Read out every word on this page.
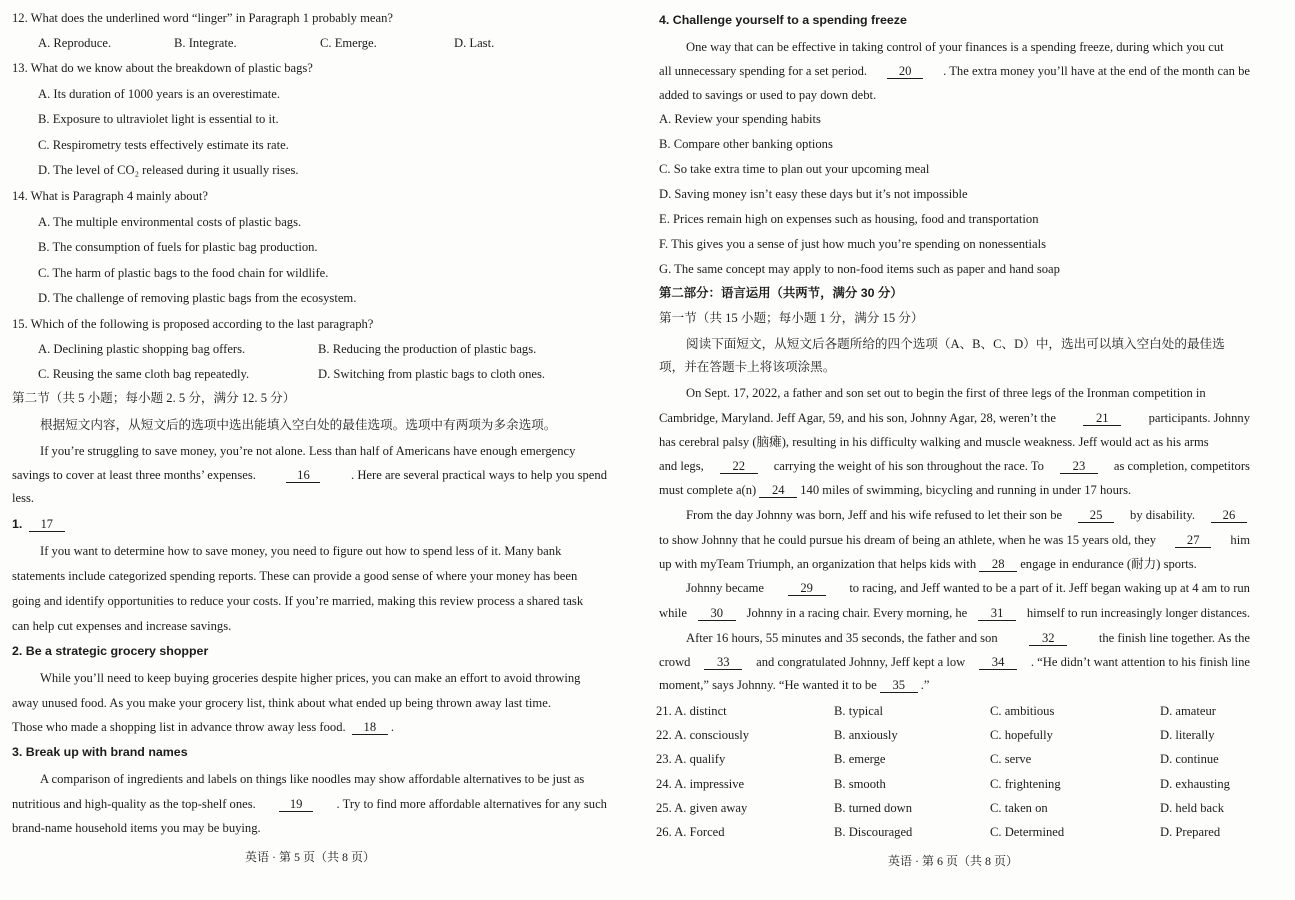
12. What does the underlined word “linger” in Paragraph 1 probably mean?
A. Reproduce.	B. Integrate.	C. Emerge.	D. Last.
13. What do we know about the breakdown of plastic bags?
A. Its duration of 1000 years is an overestimate.
B. Exposure to ultraviolet light is essential to it.
C. Respirometry tests effectively estimate its rate.
D. The level of CO₂ released during it usually rises.
14. What is Paragraph 4 mainly about?
A. The multiple environmental costs of plastic bags.
B. The consumption of fuels for plastic bag production.
C. The harm of plastic bags to the food chain for wildlife.
D. The challenge of removing plastic bags from the ecosystem.
15. Which of the following is proposed according to the last paragraph?
A. Declining plastic shopping bag offers.	B. Reducing the production of plastic bags.
C. Reusing the same cloth bag repeatedly.	D. Switching from plastic bags to cloth ones.
第二节（共 5 小题；每小题 2. 5 分，满分 12. 5 分）
根据短文内容，从短文后的选项中选出能填入空白处的最佳选项。选项中有两项为多余选项。
If you’re struggling to save money, you’re not alone. Less than half of Americans have enough emergency
savings to cover at least three months’ expenses.	16	. Here are several practical ways to help you spend
less.
1. 17
If you want to determine how to save money, you need to figure out how to spend less of it. Many bank
statements include categorized spending reports. These can provide a good sense of where your money has been
going and identify opportunities to reduce your costs. If you’re married, making this review process a shared task
can help cut expenses and increase savings.
2. Be a strategic grocery shopper
While you’ll need to keep buying groceries despite higher prices, you can make an effort to avoid throwing
away unused food. As you make your grocery list, think about what ended up being thrown away last time.
Those who made a shopping list in advance throw away less food. 18 .
3. Break up with brand names
A comparison of ingredients and labels on things like noodles may show affordable alternatives to be just as
nutritious and high-quality as the top-shelf ones.	19	. Try to find more affordable alternatives for any such
brand-name household items you may be buying.
英语 · 第 5 页（共 8 页）
4. Challenge yourself to a spending freeze
One way that can be effective in taking control of your finances is a spending freeze, during which you cut
all unnecessary spending for a set period.	20	. The extra money you’ll have at the end of the month can be
added to savings or used to pay down debt.
A. Review your spending habits
B. Compare other banking options
C. So take extra time to plan out your upcoming meal
D. Saving money isn’t easy these days but it’s not impossible
E. Prices remain high on expenses such as housing, food and transportation
F. This gives you a sense of just how much you’re spending on nonessentials
G. The same concept may apply to non-food items such as paper and hand soap
第二部分：语言运用（共两节，满分 30 分）
第一节（共 15 小题；每小题 1 分，满分 15 分）
阅读下面短文，从短文后各题所给的四个选项（A、B、C、D）中，选出可以填入空白处的最佳选
项，并在答题卡上将该项涂黑。
On Sept. 17, 2022, a father and son set out to begin the first of three legs of the Ironman competition in
Cambridge, Maryland. Jeff Agar, 59, and his son, Johnny Agar, 28, weren’t the	21	participants. Johnny
has cerebral palsy (脑瘫), resulting in his difficulty walking and muscle weakness. Jeff would act as his arms
and legs,	22	carrying the weight of his son throughout the race. To	23	as completion, competitors
must complete a(n) 24 140 miles of swimming, bicycling and running in under 17 hours.
From the day Johnny was born, Jeff and his wife refused to let their son be	25	by disability.	26
to show Johnny that he could pursue his dream of being an athlete, when he was 15 years old, they	27	him
up with myTeam Triumph, an organization that helps kids with 28 engage in endurance (耐力) sports.
Johnny became	29	to racing, and Jeff wanted to be a part of it. Jeff began waking up at 4 am to run
while	30	Johnny in a racing chair. Every morning, he	31	himself to run increasingly longer distances.
After 16 hours, 55 minutes and 35 seconds, the father and son	32	the finish line together. As the
crowd	33	and congratulated Johnny, Jeff kept a low	34	. “He didn’t want attention to his finish line
moment,” says Johnny. “He wanted it to be 35 .”
21. A. distinct	B. typical	C. ambitious	D. amateur
22. A. consciously	B. anxiously	C. hopefully	D. literally
23. A. qualify	B. emerge	C. serve	D. continue
24. A. impressive	B. smooth	C. frightening	D. exhausting
25. A. given away	B. turned down	C. taken on	D. held back
26. A. Forced	B. Discouraged	C. Determined	D. Prepared
英语 · 第 6 页（共 8 页）
